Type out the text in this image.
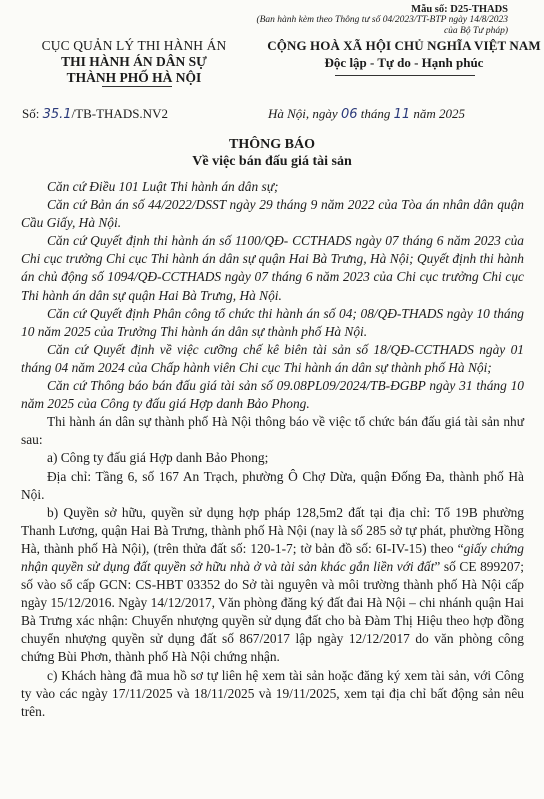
Mẫu số: D25-THADS
(Ban hành kèm theo Thông tư số 04/2023/TT-BTP ngày 14/8/2023 của Bộ Tư pháp)
CỤC QUẢN LÝ THI HÀNH ÁN
THI HÀNH ÁN DÂN SỰ
THÀNH PHỐ HÀ NỘI
CỘNG HOÀ XÃ HỘI CHỦ NGHĨA VIỆT NAM
Độc lập - Tự do - Hạnh phúc
Số: 35.1/TB-THADS.NV2	Hà Nội, ngày 06 tháng 11 năm 2025
THÔNG BÁO
Về việc bán đấu giá tài sản

Căn cứ Điều 101 Luật Thi hành án dân sự;

Căn cứ Bản án số 44/2022/DSST ngày 29 tháng 9 năm 2022 của Tòa án nhân dân quận Cầu Giấy, Hà Nội.

Căn cứ Quyết định thi hành án số 1100/QĐ- CCTHADS ngày 07 tháng 6 năm 2023 của Chi cục trưởng Chi cục Thi hành án dân sự quận Hai Bà Trưng, Hà Nội; Quyết định thi hành án chủ động số 1094/QĐ-CCTHADS ngày 07 tháng 6 năm 2023 của Chi cục trưởng Chi cục Thi hành án dân sự quận Hai Bà Trưng, Hà Nội.

Căn cứ Quyết định Phân công tổ chức thi hành án số 04; 08/QĐ-THADS ngày 10 tháng 10 năm 2025 của Trưởng Thi hành án dân sự thành phố Hà Nội.

Căn cứ Quyết định về việc cưỡng chế kê biên tài sản số 18/QĐ-CCTHADS ngày 01 tháng 04 năm 2024 của Chấp hành viên Chi cục Thi hành án dân sự thành phố Hà Nội;

Căn cứ Thông báo bán đấu giá tài sản số 09.08PL09/2024/TB-ĐGBP ngày 31 tháng 10 năm 2025 của Công ty đấu giá Hợp danh Bảo Phong.

Thi hành án dân sự thành phố Hà Nội thông báo về việc tổ chức bán đấu giá tài sản như sau:

a) Công ty đấu giá Hợp danh Bảo Phong;

Địa chỉ: Tầng 6, số 167 An Trạch, phường Ô Chợ Dừa, quận Đống Đa, thành phố Hà Nội.

b) Quyền sở hữu, quyền sử dụng hợp pháp 128,5m2 đất tại địa chỉ: Tổ 19B phường Thanh Lương, quận Hai Bà Trưng, thành phố Hà Nội (nay là số 285 sở tự phát, phường Hồng Hà, thành phố Hà Nội), (trên thửa đất số: 120-1-7; tờ bản đồ số: 6I-IV-15) theo “giấy chứng nhận quyền sử dụng đất quyền sở hữu nhà ở và tài sản khác gắn liền với đất” số CE 899207; số vào sổ cấp GCN: CS-HBT 03352 do Sở tài nguyên và môi trường thành phố Hà Nội cấp ngày 15/12/2016. Ngày 14/12/2017, Văn phòng đăng ký đất đai Hà Nội – chi nhánh quận Hai Bà Trưng xác nhận: Chuyển nhượng quyền sử dụng đất cho bà Đàm Thị Hiệu theo hợp đồng chuyển nhượng quyền sử dụng đất số 867/2017 lập ngày 12/12/2017 do văn phòng công chứng Bùi Phơn, thành phố Hà Nội chứng nhận.

c) Khách hàng đã mua hồ sơ tự liên hệ xem tài sản hoặc đăng ký xem tài sản, với Công ty vào các ngày 17/11/2025 và 18/11/2025 và 19/11/2025, xem tại địa chỉ bất động sản nêu trên.
